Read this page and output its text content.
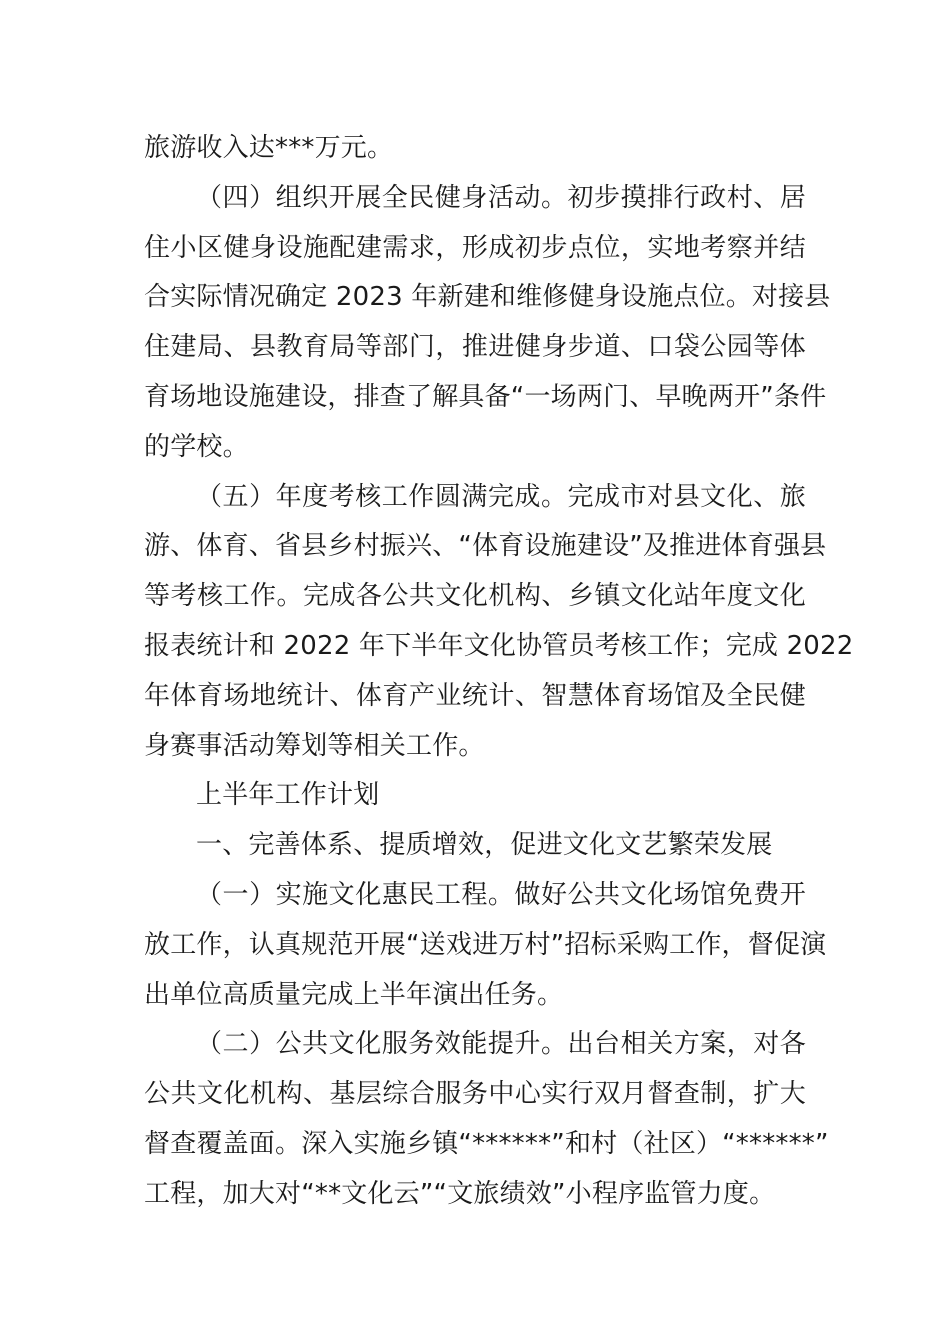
旅游收入达***万元。
（四）组织开展全民健身活动。初步摸排行政村、居
住小区健身设施配建需求，形成初步点位，实地考察并结
合实际情况确定 2023 年新建和维修健身设施点位。对接县
住建局、县教育局等部门，推进健身步道、口袋公园等体
育场地设施建设，排查了解具备“一场两门、早晚两开”条件
的学校。
（五）年度考核工作圆满完成。完成市对县文化、旅
游、体育、省县乡村振兴、“体育设施建设”及推进体育强县
等考核工作。完成各公共文化机构、乡镇文化站年度文化
报表统计和 2022 年下半年文化协管员考核工作；完成 2022
年体育场地统计、体育产业统计、智慧体育场馆及全民健
身赛事活动筹划等相关工作。
上半年工作计划
一、完善体系、提质增效，促进文化文艺繁荣发展
（一）实施文化惠民工程。做好公共文化场馆免费开
放工作，认真规范开展“送戏进万村”招标采购工作，督促演
出单位高质量完成上半年演出任务。
（二）公共文化服务效能提升。出台相关方案，对各
公共文化机构、基层综合服务中心实行双月督查制，扩大
督查覆盖面。深入实施乡镇“******”和村（社区）“******”
工程，加大对“**文化云”“文旅绩效”小程序监管力度。
